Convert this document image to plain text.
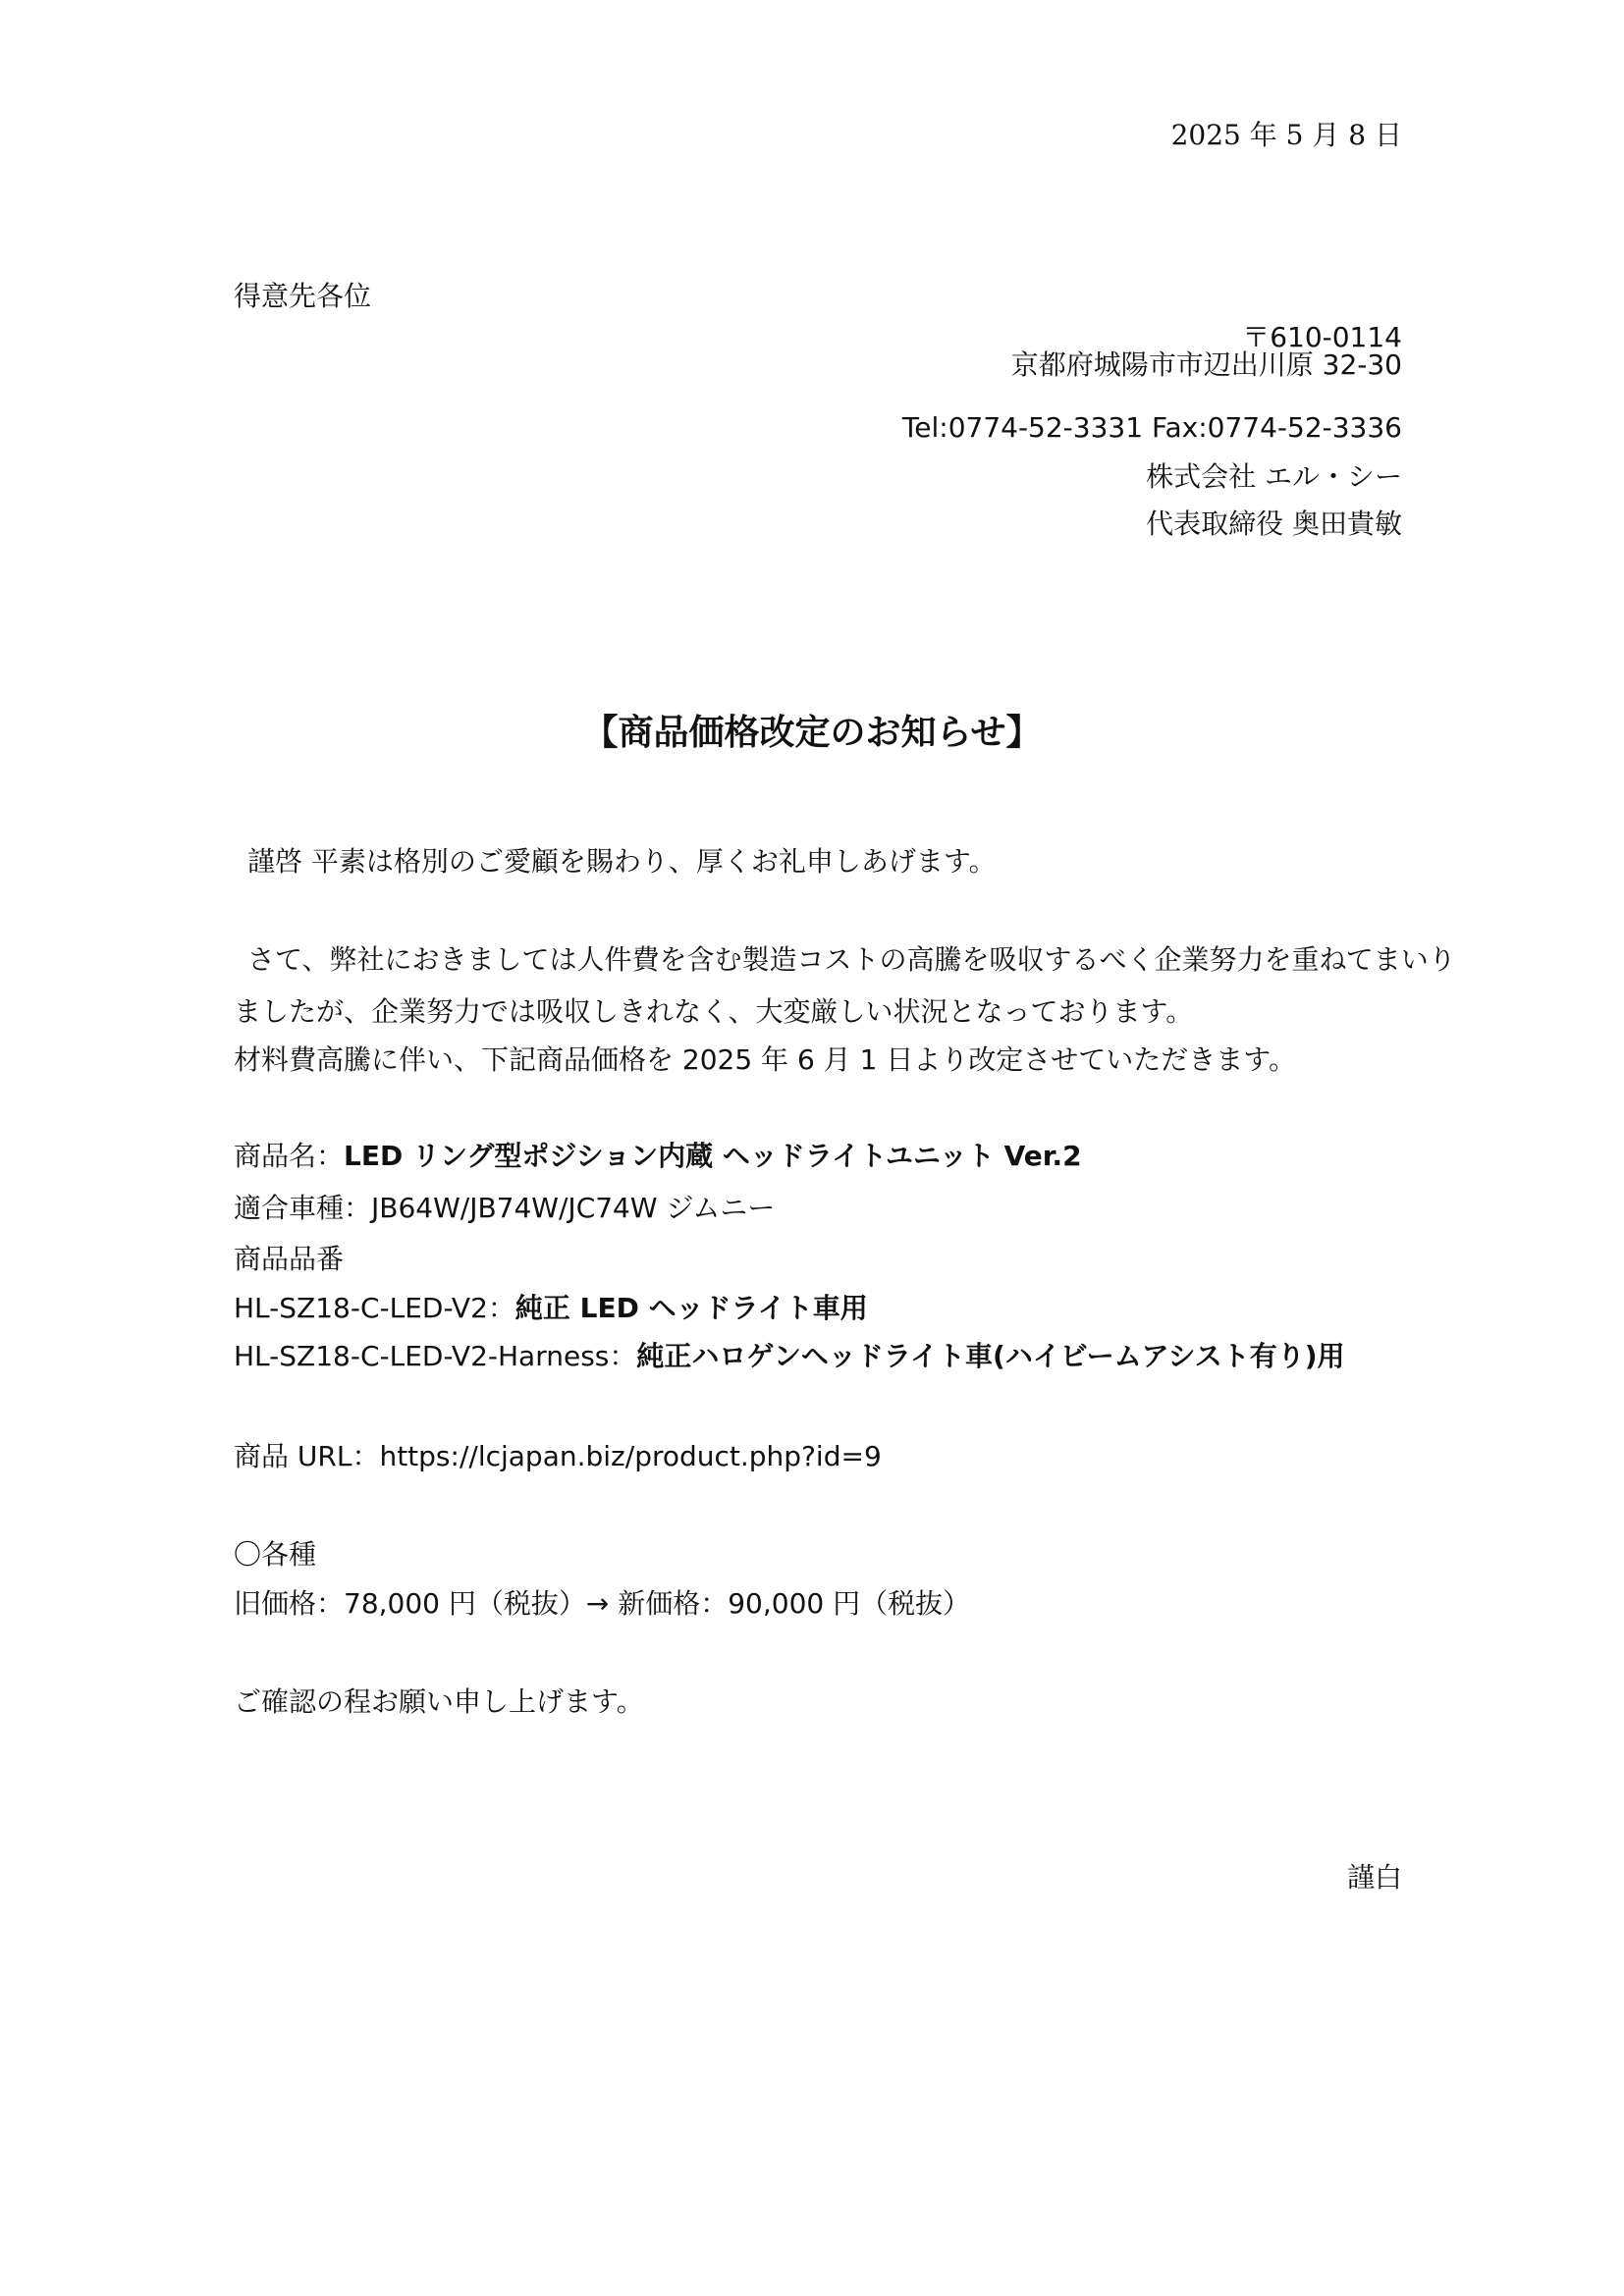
2025 年 5 月 8 日
得意先各位
〒610-0114
京都府城陽市市辺出川原 32-30
Tel:0774-52-3331 Fax:0774-52-3336
株式会社 エル・シー
代表取締役 奥田貴敏
【商品価格改定のお知らせ】
謹啓 平素は格別のご愛顧を賜わり、厚くお礼申しあげます。
さて、弊社におきましては人件費を含む製造コストの高騰を吸収するべく企業努力を重ねてまいり
ましたが、企業努力では吸収しきれなく、大変厳しい状況となっております。
材料費高騰に伴い、下記商品価格を 2025 年 6 月 1 日より改定させていただきます。
商品名：LED リング型ポジション内蔵 ヘッドライトユニット Ver.2
適合車種：JB64W/JB74W/JC74W ジムニー
商品品番
HL-SZ18-C-LED-V2：純正 LED ヘッドライト車用
HL-SZ18-C-LED-V2-Harness：純正ハロゲンヘッドライト車(ハイビームアシスト有り)用
商品 URL：https://lcjapan.biz/product.php?id=9
〇各種
旧価格：78,000 円（税抜）→ 新価格：90,000 円（税抜）
ご確認の程お願い申し上げます。
謹白
